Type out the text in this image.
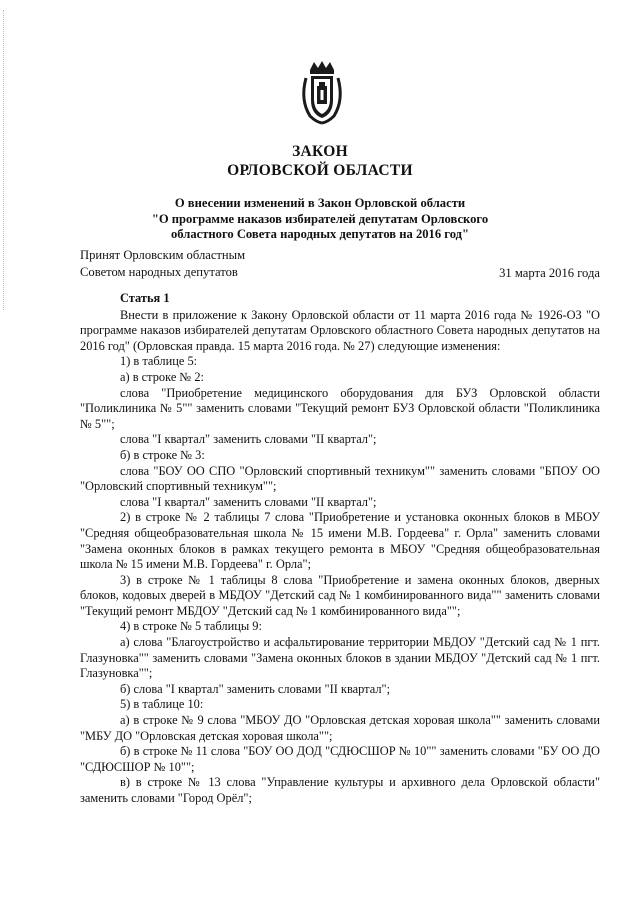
ЗАКОН
ОРЛОВСКОЙ ОБЛАСТИ
О внесении изменений в Закон Орловской области
"О программе наказов избирателей депутатам Орловского
областного Совета народных депутатов на 2016 год"
Принят Орловским областным
Советом народных депутатов	31 марта 2016 года
Статья 1
Внести в приложение к Закону Орловской области от 11 марта 2016 года № 1926-ОЗ "О программе наказов избирателей депутатам Орловского областного Совета народных депутатов на 2016 год" (Орловская правда. 15 марта 2016 года. № 27) следующие изменения:
1) в таблице 5:
а) в строке № 2:
слова "Приобретение медицинского оборудования для БУЗ Орловской области "Поликлиника № 5"" заменить словами "Текущий ремонт БУЗ Орловской области "Поликлиника № 5"";
слова "I квартал" заменить словами "II квартал";
б) в строке № 3:
слова "БОУ ОО СПО "Орловский спортивный техникум"" заменить словами "БПОУ ОО "Орловский спортивный техникум"";
слова "I квартал" заменить словами "II квартал";
2) в строке № 2 таблицы 7 слова "Приобретение и установка оконных блоков в МБОУ "Средняя общеобразовательная школа № 15 имени М.В. Гордеева" г. Орла" заменить словами "Замена оконных блоков в рамках текущего ремонта в МБОУ "Средняя общеобразовательная школа № 15 имени М.В. Гордеева" г. Орла";
3) в строке № 1 таблицы 8 слова "Приобретение и замена оконных блоков, дверных блоков, кодовых дверей в МБДОУ "Детский сад № 1 комбинированного вида"" заменить словами "Текущий ремонт МБДОУ "Детский сад № 1 комбинированного вида"";
4) в строке № 5 таблицы 9:
а) слова "Благоустройство и асфальтирование территории МБДОУ "Детский сад № 1 пгт. Глазуновка"" заменить словами "Замена оконных блоков в здании МБДОУ "Детский сад № 1 пгт. Глазуновка"";
б) слова "I квартал" заменить словами "II квартал";
5) в таблице 10:
а) в строке № 9 слова "МБОУ ДО "Орловская детская хоровая школа"" заменить словами "МБУ ДО "Орловская детская хоровая школа"";
б) в строке № 11 слова "БОУ ОО ДОД "СДЮСШОР № 10"" заменить словами "БУ ОО ДО "СДЮСШОР № 10"";
в) в строке № 13 слова "Управление культуры и архивного дела Орловской области" заменить словами "Город Орёл";
